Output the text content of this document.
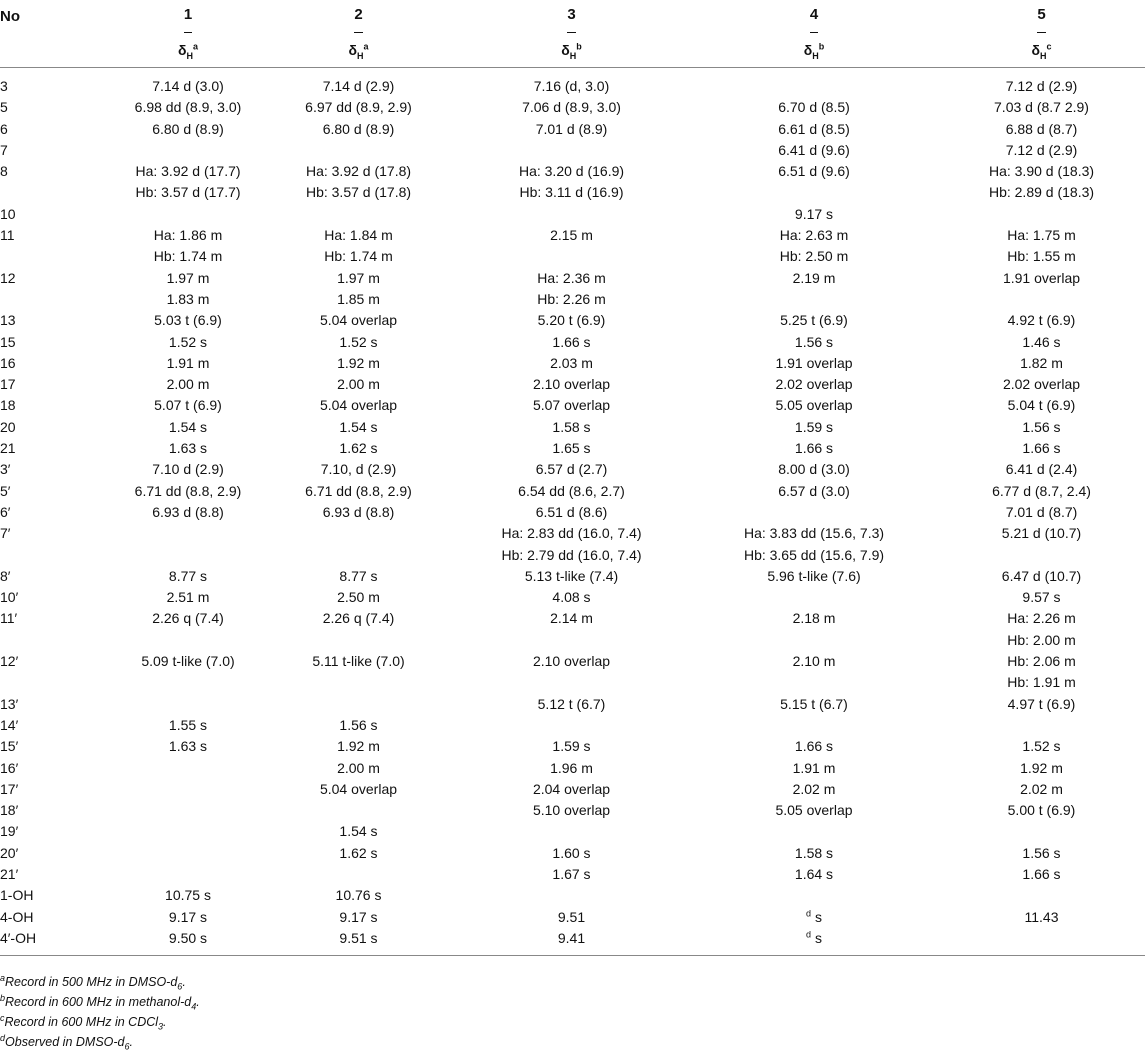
No	1	2	3	4	5
	$\delta_H^a$	$\delta_H^a$	$\delta_H^b$	$\delta_H^b$	$\delta_H^c$
3	7.14 d (3.0)	7.14 d (2.9)	7.16 (d, 3.0)		7.12 d (2.9)
5	6.98 dd (8.9, 3.0)	6.97 dd (8.9, 2.9)	7.06 d (8.9, 3.0)	6.70 d (8.5)	7.03 d (8.7 2.9)
6	6.80 d (8.9)	6.80 d (8.9)	7.01 d (8.9)	6.61 d (8.5)	6.88 d (8.7)
7				6.41 d (9.6)	7.12 d (2.9)
8	Ha: 3.92 d (17.7)	Ha: 3.92 d (17.8)	Ha: 3.20 d (16.9)	6.51 d (9.6)	Ha: 3.90 d (18.3)
	Hb: 3.57 d (17.7)	Hb: 3.57 d (17.8)	Hb: 3.11 d (16.9)		Hb: 2.89 d (18.3)
10				9.17 s	
11	Ha: 1.86 m	Ha: 1.84 m	2.15 m	Ha: 2.63 m	Ha: 1.75 m
	Hb: 1.74 m	Hb: 1.74 m		Hb: 2.50 m	Hb: 1.55 m
12	1.97 m	1.97 m	Ha: 2.36 m	2.19 m	1.91 overlap
	1.83 m	1.85 m	Hb: 2.26 m		
13	5.03 t (6.9)	5.04 overlap	5.20 t (6.9)	5.25 t (6.9)	4.92 t (6.9)
15	1.52 s	1.52 s	1.66 s	1.56 s	1.46 s
16	1.91 m	1.92 m	2.03 m	1.91 overlap	1.82 m
17	2.00 m	2.00 m	2.10 overlap	2.02 overlap	2.02 overlap
18	5.07 t (6.9)	5.04 overlap	5.07 overlap	5.05 overlap	5.04 t (6.9)
20	1.54 s	1.54 s	1.58 s	1.59 s	1.56 s
21	1.63 s	1.62 s	1.65 s	1.66 s	1.66 s
3′	7.10 d (2.9)	7.10, d (2.9)	6.57 d (2.7)	8.00 d (3.0)	6.41 d (2.4)
5′	6.71 dd (8.8, 2.9)	6.71 dd (8.8, 2.9)	6.54 dd (8.6, 2.7)	6.57 d (3.0)	6.77 d (8.7, 2.4)
6′	6.93 d (8.8)	6.93 d (8.8)	6.51 d (8.6)		7.01 d (8.7)
7′			Ha: 2.83 dd (16.0, 7.4)	Ha: 3.83 dd (15.6, 7.3)	5.21 d (10.7)
			Hb: 2.79 dd (16.0, 7.4)	Hb: 3.65 dd (15.6, 7.9)	
8′	8.77 s	8.77 s	5.13 t-like (7.4)	5.96 t-like (7.6)	6.47 d (10.7)
10′	2.51 m	2.50 m	4.08 s		9.57 s
11′	2.26 q (7.4)	2.26 q (7.4)	2.14 m	2.18 m	Ha: 2.26 m
					Hb: 2.00 m
12′	5.09 t-like (7.0)	5.11 t-like (7.0)	2.10 overlap	2.10 m	Hb: 2.06 m
					Hb: 1.91 m
13′			5.12 t (6.7)	5.15 t (6.7)	4.97 t (6.9)
14′	1.55 s	1.56 s			
15′	1.63 s	1.92 m	1.59 s	1.66 s	1.52 s
16′		2.00 m	1.96 m	1.91 m	1.92 m
17′		5.04 overlap	2.04 overlap	2.02 m	2.02 m
18′			5.10 overlap	5.05 overlap	5.00 t (6.9)
19′		1.54 s			
20′		1.62 s	1.60 s	1.58 s	1.56 s
21′			1.67 s	1.64 s	1.66 s
1-OH	10.75 s	10.76 s			
4-OH	9.17 s	9.17 s	9.51	$^d$ s	11.43
4′-OH	9.50 s	9.51 s	9.41	$^d$ s	
$^a$Record in 500 MHz in DMSO-$d_6$.
$^b$Record in 600 MHz in methanol-$d_4$.
$^c$Record in 600 MHz in CDCl$_3$.
$^d$Observed in DMSO-$d_6$.
